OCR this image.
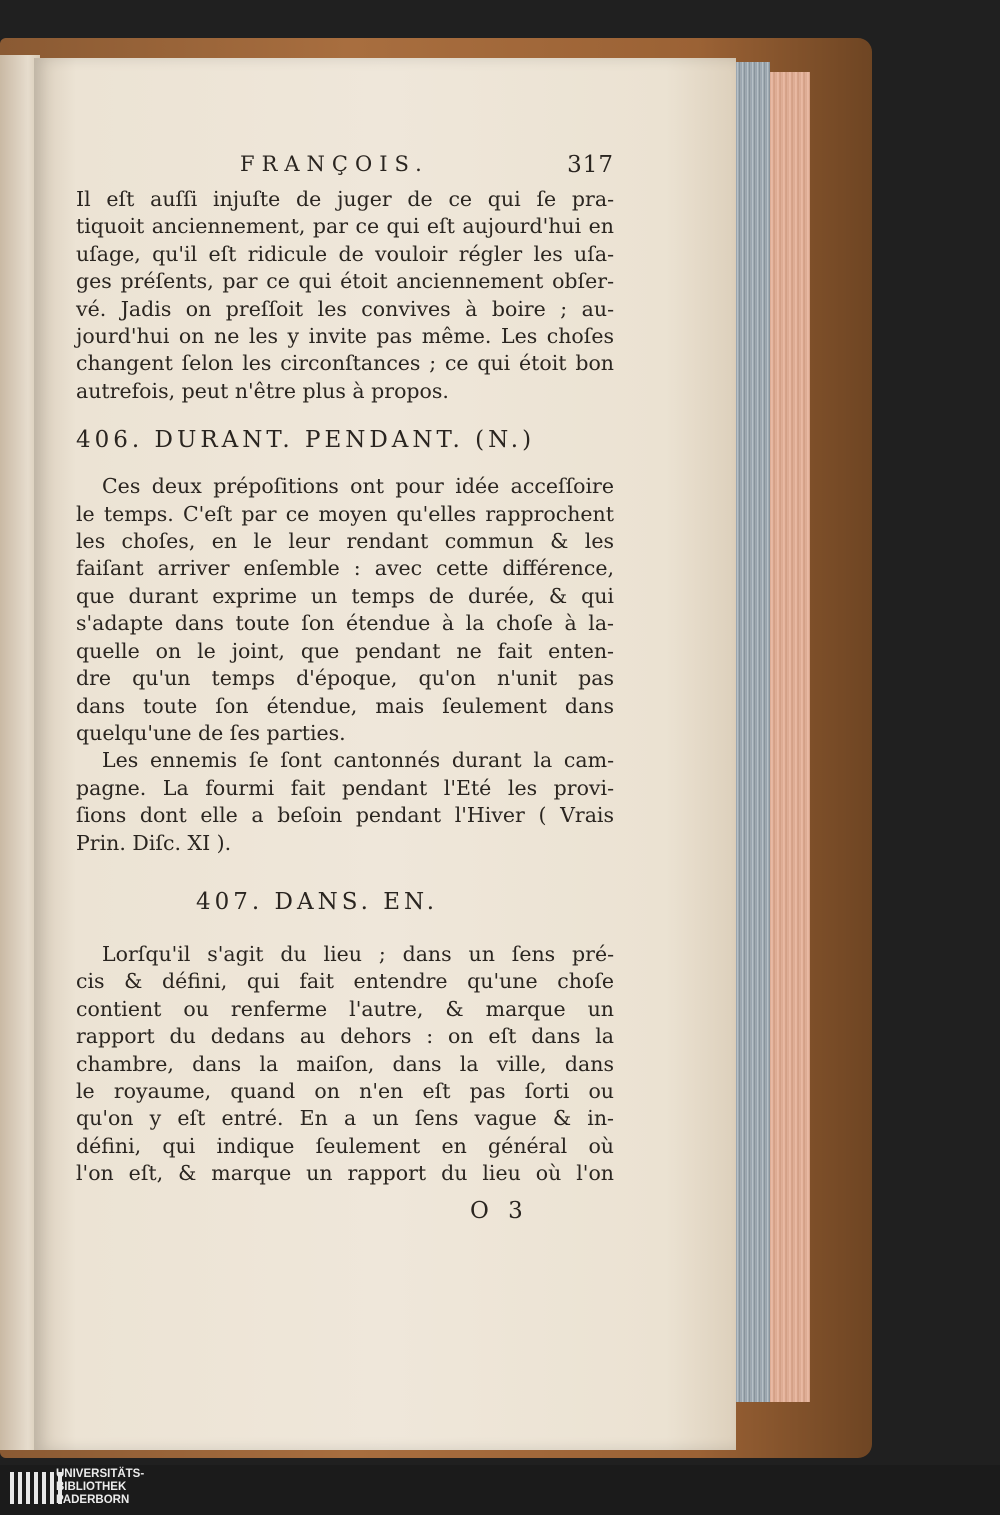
FRANÇOIS.	317
Il eſt auſſi injuſte de juger de ce qui ſe pra-
tiquoit anciennement, par ce qui eſt aujourd'hui en
uſage, qu'il eſt ridicule de vouloir régler les uſa-
ges préſents, par ce qui étoit anciennement obſer-
vé. Jadis on preſſoit les convives à boire ; au-
jourd'hui on ne les y invite pas même. Les choſes
changent ſelon les circonſtances ; ce qui étoit bon
autrefois, peut n'être plus à propos.
406. DURANT. PENDANT. (N.)
Ces deux prépoſitions ont pour idée acceſſoire
le temps. C'eſt par ce moyen qu'elles rapprochent
les choſes, en le leur rendant commun & les
faiſant arriver enſemble : avec cette différence,
que durant exprime un temps de durée, & qui
s'adapte dans toute ſon étendue à la choſe à la-
quelle on le joint, que pendant ne fait enten-
dre qu'un temps d'époque, qu'on n'unit pas
dans toute ſon étendue, mais ſeulement dans
quelqu'une de ſes parties.
Les ennemis ſe ſont cantonnés durant la cam-
pagne. La fourmi fait pendant l'Eté les provi-
ſions dont elle a beſoin pendant l'Hiver ( Vrais
Prin. Diſc. XI ).
407. DANS. EN.
Lorſqu'il s'agit du lieu ; dans un ſens pré-
cis & défini, qui fait entendre qu'une choſe
contient ou renferme l'autre, & marque un
rapport du dedans au dehors : on eſt dans la
chambre, dans la maiſon, dans la ville, dans
le royaume, quand on n'en eſt pas ſorti ou
qu'on y eſt entré. En a un ſens vague & in-
défini, qui indique ſeulement en général où
l'on eſt, & marque un rapport du lieu où l'on
O 3
UNIVERSITÄTS-
BIBLIOTHEK
PADERBORN
